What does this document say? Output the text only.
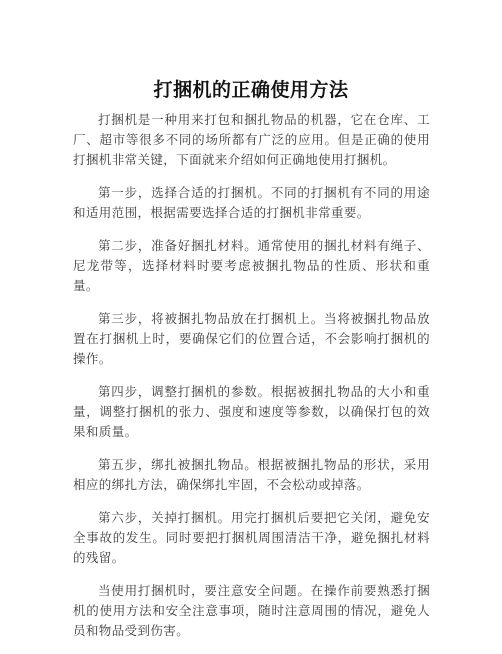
打捆机的正确使用方法

打捆机是一种用来打包和捆扎物品的机器，它在仓库、工厂、超市等很多不同的场所都有广泛的应用。但是正确的使用打捆机非常关键，下面就来介绍如何正确地使用打捆机。

第一步，选择合适的打捆机。不同的打捆机有不同的用途和适用范围，根据需要选择合适的打捆机非常重要。

第二步，准备好捆扎材料。通常使用的捆扎材料有绳子、尼龙带等，选择材料时要考虑被捆扎物品的性质、形状和重量。

第三步，将被捆扎物品放在打捆机上。当将被捆扎物品放置在打捆机上时，要确保它们的位置合适，不会影响打捆机的操作。

第四步，调整打捆机的参数。根据被捆扎物品的大小和重量，调整打捆机的张力、强度和速度等参数，以确保打包的效果和质量。

第五步，绑扎被捆扎物品。根据被捆扎物品的形状，采用相应的绑扎方法，确保绑扎牢固，不会松动或掉落。

第六步，关掉打捆机。用完打捆机后要把它关闭，避免安全事故的发生。同时要把打捆机周围清洁干净，避免捆扎材料的残留。

当使用打捆机时，要注意安全问题。在操作前要熟悉打捆机的使用方法和安全注意事项，随时注意周围的情况，避免人员和物品受到伤害。
